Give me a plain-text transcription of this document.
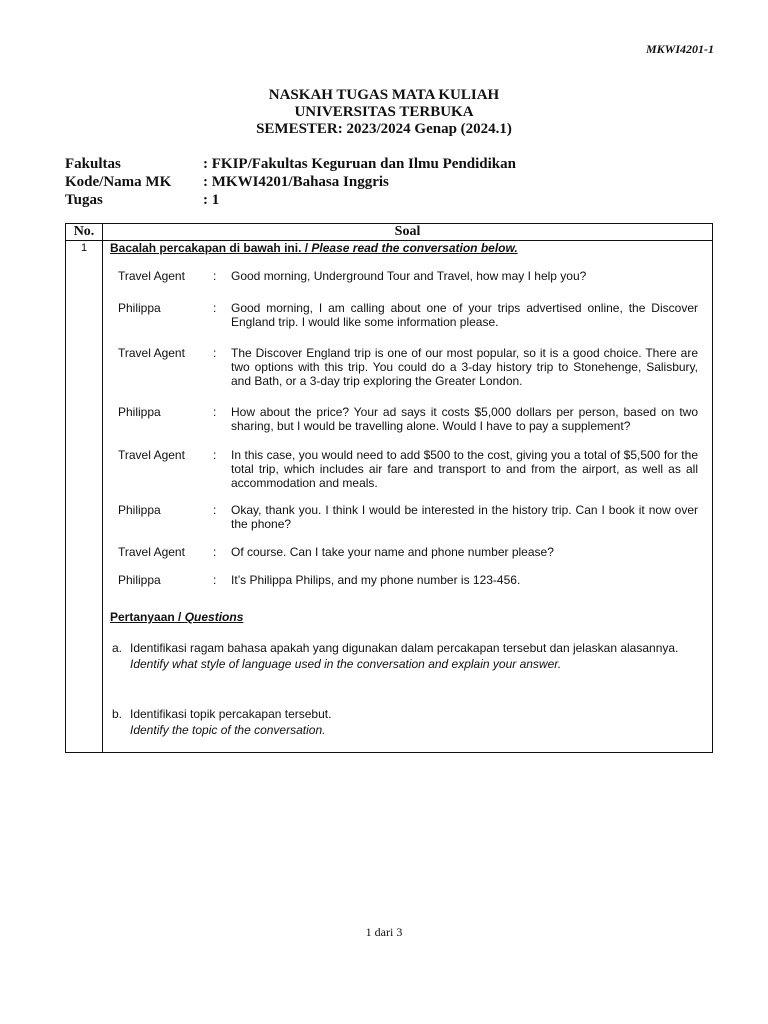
MKWI4201-1
NASKAH TUGAS MATA KULIAH
UNIVERSITAS TERBUKA
SEMESTER: 2023/2024 Genap (2024.1)
Fakultas	: FKIP/Fakultas Keguruan dan Ilmu Pendidikan
Kode/Nama MK	: MKWI4201/Bahasa Inggris
Tugas	: 1
No.	Soal
1	Bacalah percakapan di bawah ini. / Please read the conversation below.
Travel Agent	: Good morning, Underground Tour and Travel, how may I help you?
Philippa	: Good morning, I am calling about one of your trips advertised online, the Discover England trip. I would like some information please.
Travel Agent	: The Discover England trip is one of our most popular, so it is a good choice. There are two options with this trip. You could do a 3-day history trip to Stonehenge, Salisbury, and Bath, or a 3-day trip exploring the Greater London.
Philippa	: How about the price? Your ad says it costs $5,000 dollars per person, based on two sharing, but I would be travelling alone. Would I have to pay a supplement?
Travel Agent	: In this case, you would need to add $500 to the cost, giving you a total of $5,500 for the total trip, which includes air fare and transport to and from the airport, as well as all accommodation and meals.
Philippa	: Okay, thank you. I think I would be interested in the history trip. Can I book it now over the phone?
Travel Agent	: Of course. Can I take your name and phone number please?
Philippa	: It’s Philippa Philips, and my phone number is 123-456.
Pertanyaan / Questions
a. Identifikasi ragam bahasa apakah yang digunakan dalam percakapan tersebut dan jelaskan alasannya.
Identify what style of language used in the conversation and explain your answer.
b. Identifikasi topik percakapan tersebut.
Identify the topic of the conversation.
1 dari 3
